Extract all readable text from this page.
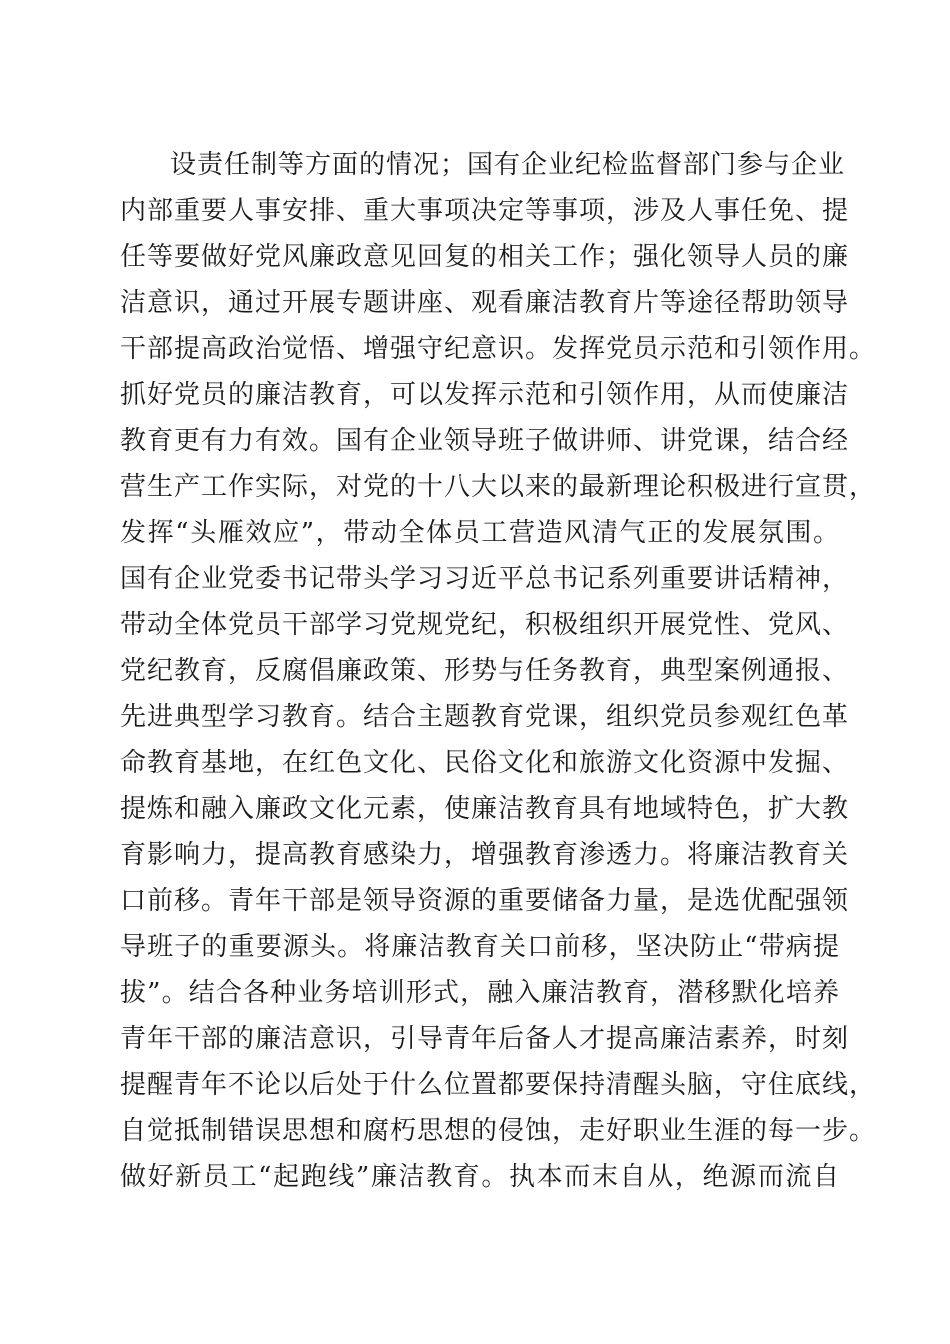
设责任制等方面的情况；国有企业纪检监督部门参与企业
内部重要人事安排、重大事项决定等事项，涉及人事任免、提
任等要做好党风廉政意见回复的相关工作；强化领导人员的廉
洁意识，通过开展专题讲座、观看廉洁教育片等途径帮助领导
干部提高政治觉悟、增强守纪意识。发挥党员示范和引领作用。
抓好党员的廉洁教育，可以发挥示范和引领作用，从而使廉洁
教育更有力有效。国有企业领导班子做讲师、讲党课，结合经
营生产工作实际，对党的十八大以来的最新理论积极进行宣贯，
发挥“头雁效应”，带动全体员工营造风清气正的发展氛围。
国有企业党委书记带头学习习近平总书记系列重要讲话精神，
带动全体党员干部学习党规党纪，积极组织开展党性、党风、
党纪教育，反腐倡廉政策、形势与任务教育，典型案例通报、
先进典型学习教育。结合主题教育党课，组织党员参观红色革
命教育基地，在红色文化、民俗文化和旅游文化资源中发掘、
提炼和融入廉政文化元素，使廉洁教育具有地域特色，扩大教
育影响力，提高教育感染力，增强教育渗透力。将廉洁教育关
口前移。青年干部是领导资源的重要储备力量，是选优配强领
导班子的重要源头。将廉洁教育关口前移，坚决防止“带病提
拔”。结合各种业务培训形式，融入廉洁教育，潜移默化培养
青年干部的廉洁意识，引导青年后备人才提高廉洁素养，时刻
提醒青年不论以后处于什么位置都要保持清醒头脑，守住底线，
自觉抵制错误思想和腐朽思想的侵蚀，走好职业生涯的每一步。
做好新员工“起跑线”廉洁教育。执本而末自从，绝源而流自
